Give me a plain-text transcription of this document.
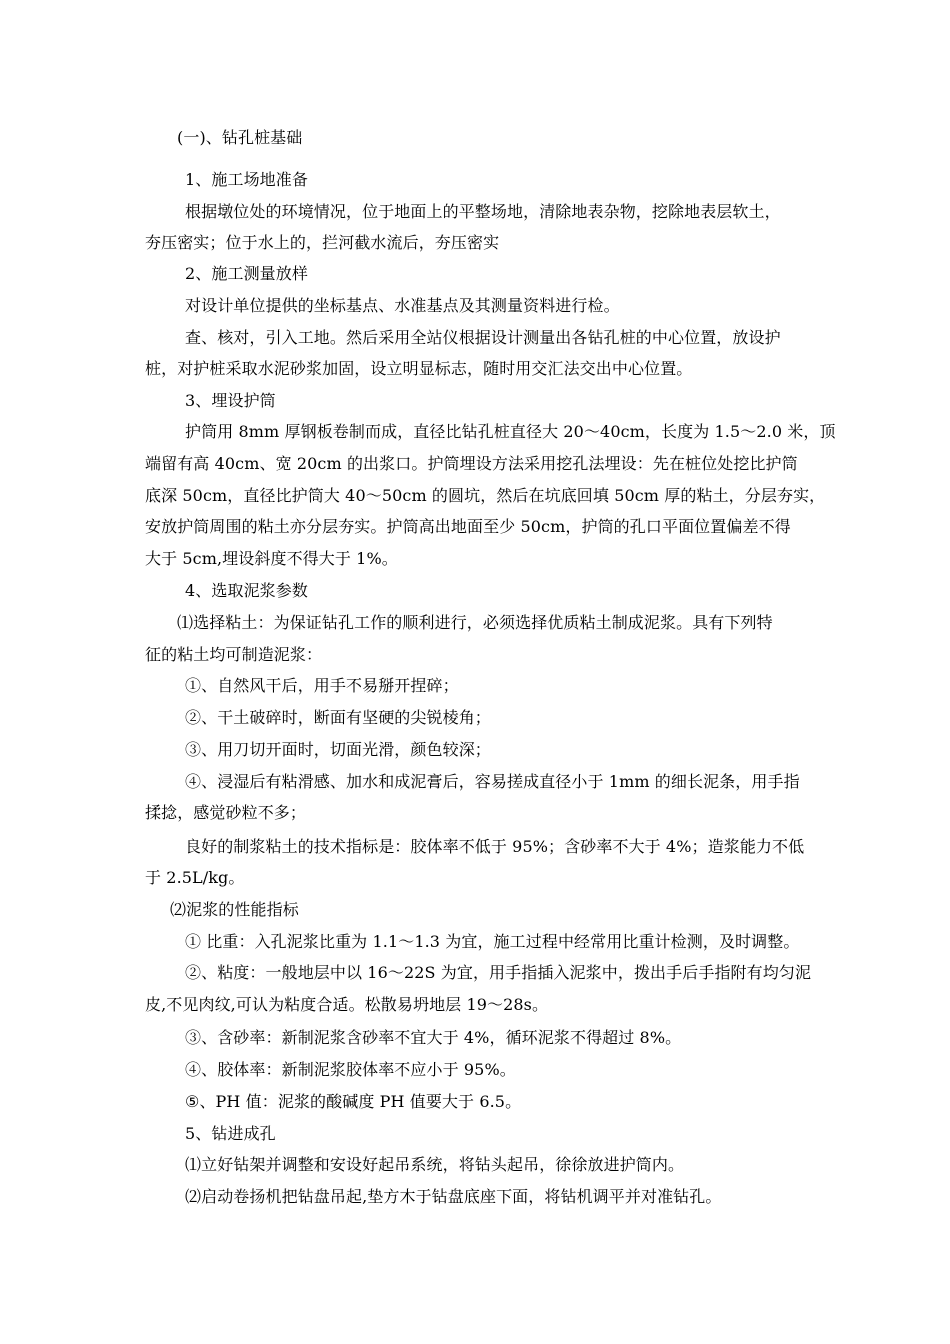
(一)、钻孔桩基础
1、施工场地准备
根据墩位处的环境情况，位于地面上的平整场地，清除地表杂物，挖除地表层软土，
夯压密实；位于水上的，拦河截水流后，夯压密实
2、施工测量放样
对设计单位提供的坐标基点、水准基点及其测量资料进行检。
查、核对，引入工地。然后采用全站仪根据设计测量出各钻孔桩的中心位置，放设护
桩，对护桩采取水泥砂浆加固，设立明显标志，随时用交汇法交出中心位置。
3、埋设护筒
护筒用 8mm 厚钢板卷制而成，直径比钻孔桩直径大 20～40cm，长度为 1.5～2.0 米，顶
端留有高 40cm、宽 20cm 的出浆口。护筒埋设方法采用挖孔法埋设：先在桩位处挖比护筒
底深 50cm，直径比护筒大 40～50cm 的圆坑，然后在坑底回填 50cm 厚的粘土，分层夯实，
安放护筒周围的粘土亦分层夯实。护筒高出地面至少 50cm，护筒的孔口平面位置偏差不得
大于 5cm,埋设斜度不得大于 1%。
4、选取泥浆参数
⑴选择粘土：为保证钻孔工作的顺利进行，必须选择优质粘土制成泥浆。具有下列特
征的粘土均可制造泥浆：
①、自然风干后，用手不易掰开捏碎；
②、干土破碎时，断面有坚硬的尖锐棱角；
③、用刀切开面时，切面光滑，颜色较深；
④、浸湿后有粘滑感、加水和成泥膏后，容易搓成直径小于 1mm 的细长泥条，用手指
揉捻，感觉砂粒不多；
良好的制浆粘土的技术指标是：胶体率不低于 95%；含砂率不大于 4%；造浆能力不低
于 2.5L/kg。
⑵泥浆的性能指标
① 比重：入孔泥浆比重为 1.1～1.3 为宜，施工过程中经常用比重计检测，及时调整。
②、粘度：一般地层中以 16～22S 为宜，用手指插入泥浆中，拨出手后手指附有均匀泥
皮,不见肉纹,可认为粘度合适。松散易坍地层 19～28s。
③、含砂率：新制泥浆含砂率不宜大于 4%，循环泥浆不得超过 8%。
④、胶体率：新制泥浆胶体率不应小于 95%。
⑤、PH 值：泥浆的酸碱度 PH 值要大于 6.5。
5、钻进成孔
⑴立好钻架并调整和安设好起吊系统，将钻头起吊，徐徐放进护筒内。
⑵启动卷扬机把钻盘吊起,垫方木于钻盘底座下面，将钻机调平并对准钻孔。
